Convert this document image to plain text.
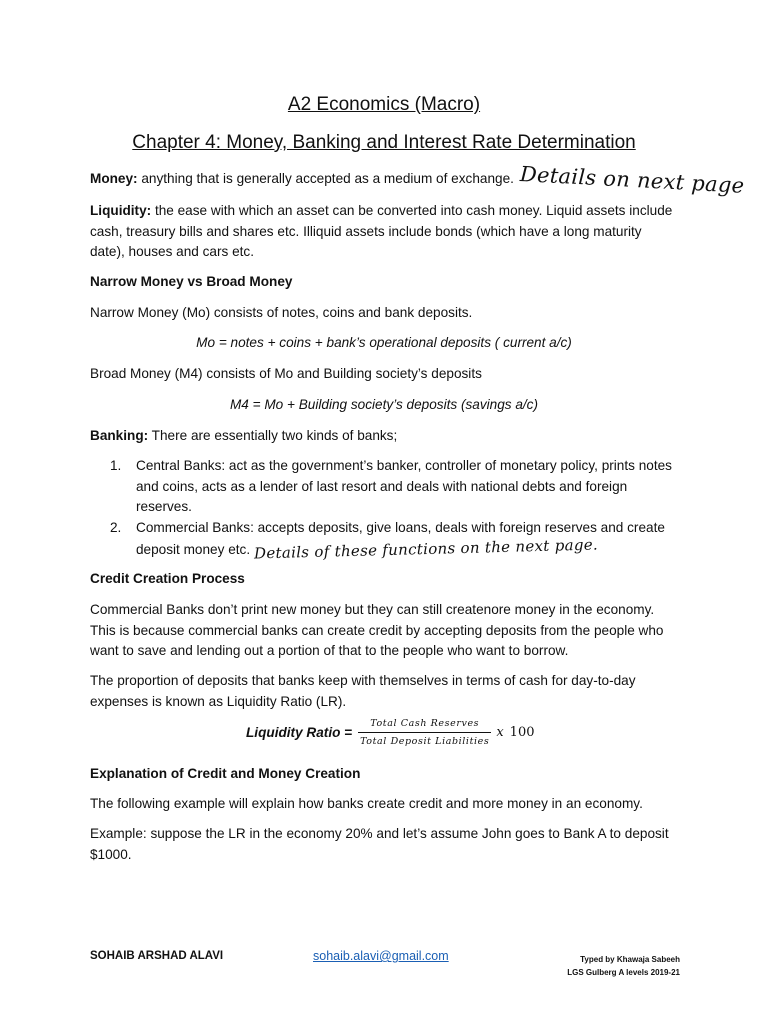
A2 Economics (Macro)
Chapter 4: Money, Banking and Interest Rate Determination
Money: anything that is generally accepted as a medium of exchange. Details on next page
Liquidity: the ease with which an asset can be converted into cash money. Liquid assets include cash, treasury bills and shares etc. Illiquid assets include bonds (which have a long maturity date), houses and cars etc.
Narrow Money vs Broad Money
Narrow Money (Mo) consists of notes, coins and bank deposits.
Mo = notes + coins + bank’s operational deposits ( current a/c)
Broad Money (M4) consists of Mo and Building society’s deposits
M4 = Mo + Building society’s deposits (savings a/c)
Banking: There are essentially two kinds of banks;
1. Central Banks: act as the government’s banker, controller of monetary policy, prints notes and coins, acts as a lender of last resort and deals with national debts and foreign reserves.
2. Commercial Banks: accepts deposits, give loans, deals with foreign reserves and create deposit money etc. Details of these functions on the next page.
Credit Creation Process
Commercial Banks don’t print new money but they can still createnore money in the economy. This is because commercial banks can create credit by accepting deposits from the people who want to save and lending out a portion of that to the people who want to borrow.
The proportion of deposits that banks keep with themselves in terms of cash for day-to-day expenses is known as Liquidity Ratio (LR).
Liquidity Ratio = $\frac{\text{Total Cash Reserves}}{\text{Total Deposit Liabilities}}$ x 100
Explanation of Credit and Money Creation
The following example will explain how banks create credit and more money in an economy.
Example: suppose the LR in the economy 20% and let’s assume John goes to Bank A to deposit $1000.
SOHAIB ARSHAD ALAVI	sohaib.alavi@gmail.com	Typed by Khawaja Sabeeh
LGS Gulberg A levels 2019-21
